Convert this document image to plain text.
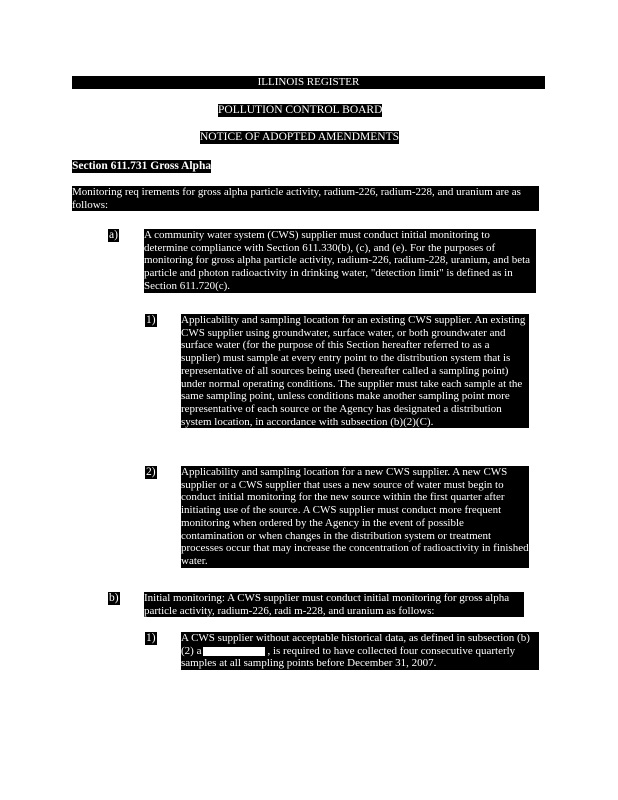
ILLINOIS REGISTER
POLLUTION CONTROL BOARD
NOTICE OF ADOPTED AMENDMENTS
Section 611.731 Gross Alpha
Monitoring req irements for gross alpha particle activity, radium-226, radium-228, and uranium are as follows:
a) A community water system (CWS) supplier must conduct initial monitoring to determine compliance with Section 611.330(b), (c), and (e). For the purposes of monitoring for gross alpha particle activity, radium-226, radium-228, uranium, and beta particle and photon radioactivity in drinking water, "detection limit" is defined as in Section 611.720(c).
1) Applicability and sampling location for an existing CWS supplier. An existing CWS supplier using groundwater, surface water, or both groundwater and surface water (for the purpose of this Section hereafter referred to as a supplier) must sample at every entry point to the distribution system that is representative of all sources being used (hereafter called a sampling point) under normal operating conditions. The supplier must take each sample at the same sampling point, unless conditions make another sampling point more representative of each source or the Agency has designated a distribution system location, in accordance with subsection (b)(2)(C).
2) Applicability and sampling location for a new CWS supplier. A new CWS supplier or a CWS supplier that uses a new source of water must begin to conduct initial monitoring for the new source within the first quarter after initiating use of the source. A CWS supplier must conduct more frequent monitoring when ordered by the Agency in the event of possible contamination or when changes in the distribution system or treatment processes occur that may increase the concentration of radioactivity in finished water.
b) Initial monitoring: A CWS supplier must conduct initial monitoring for gross alpha particle activity, radium-226, radi m-228, and uranium as follows:
1) A CWS supplier without acceptable historical data, as defined in subsection (b)(2) a	, is required to have collected four consecutive quarterly samples at all sampling points before December 31, 2007.
